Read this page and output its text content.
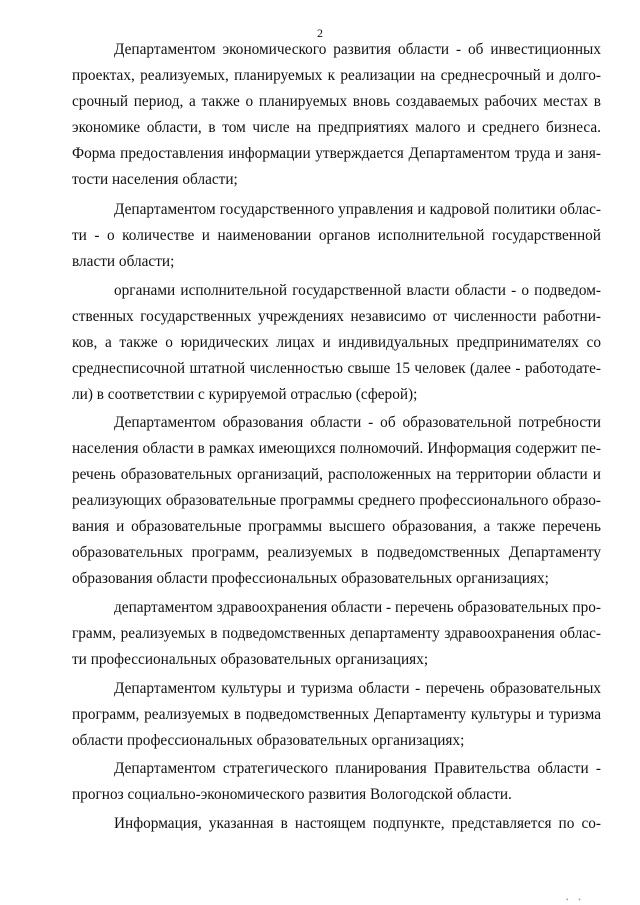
2
Департаментом экономического развития области - об инвестиционных
проектах, реализуемых, планируемых к реализации на среднесрочный и долго-
срочный период, а также о планируемых вновь создаваемых рабочих местах в
экономике области, в том числе на предприятиях малого и среднего бизнеса.
Форма предоставления информации утверждается Департаментом труда и заня-
тости населения области;
Департаментом государственного управления и кадровой политики облас-
ти - о количестве и наименовании органов исполнительной государственной
власти области;
органами исполнительной государственной власти области - о подведом-
ственных государственных учреждениях независимо от численности работни-
ков, а также о юридических лицах и индивидуальных предпринимателях со
среднесписочной штатной численностью свыше 15 человек (далее - работодате-
ли) в соответствии с курируемой отраслью (сферой);
Департаментом образования области - об образовательной потребности
населения области в рамках имеющихся полномочий. Информация содержит пе-
речень образовательных организаций, расположенных на территории области и
реализующих образовательные программы среднего профессионального образо-
вания и образовательные программы высшего образования, а также перечень
образовательных программ, реализуемых в подведомственных Департаменту
образования области профессиональных образовательных организациях;
департаментом здравоохранения области - перечень образовательных про-
грамм, реализуемых в подведомственных департаменту здравоохранения облас-
ти профессиональных образовательных организациях;
Департаментом культуры и туризма области - перечень образовательных
программ, реализуемых в подведомственных Департаменту культуры и туризма
области профессиональных образовательных организациях;
Департаментом стратегического планирования Правительства области -
прогноз социально-экономического развития Вологодской области.
Информация, указанная в настоящем подпункте, представляется по со-
• •
